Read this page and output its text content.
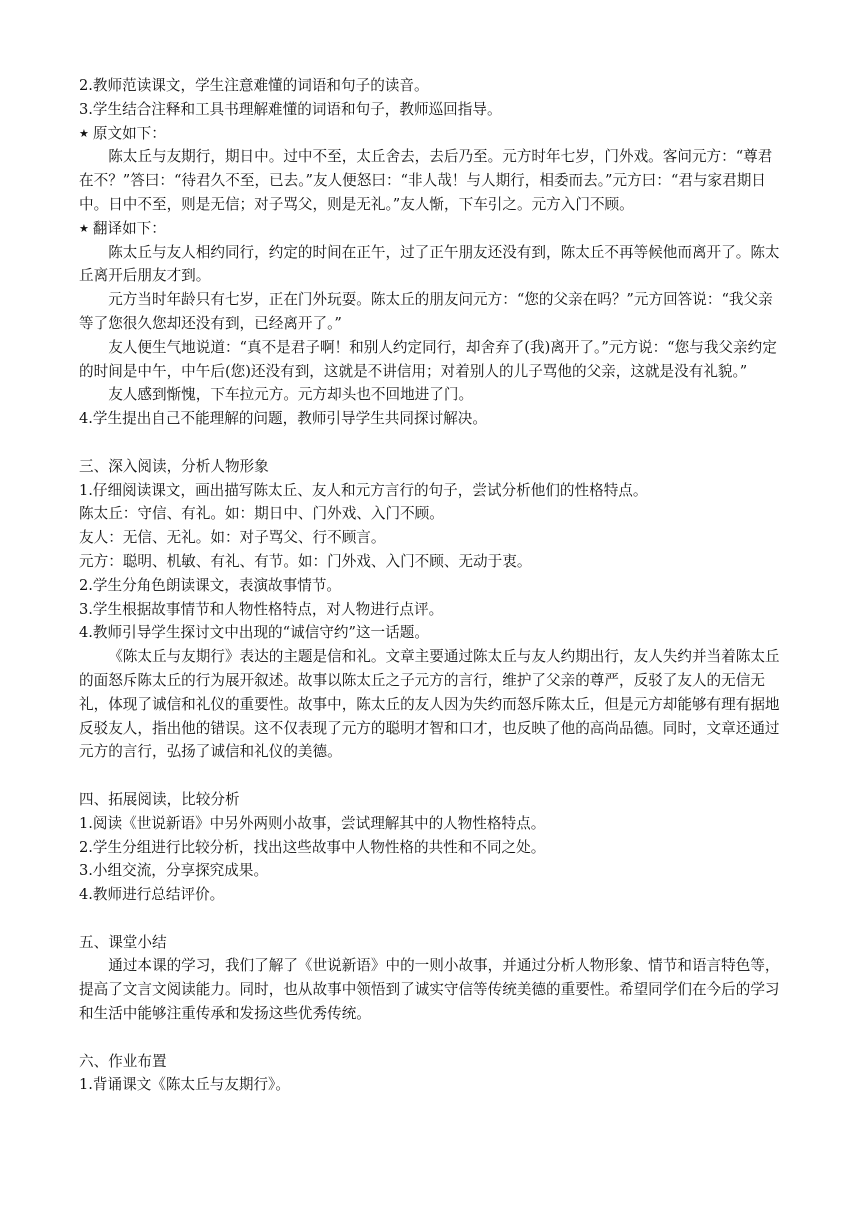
2.教师范读课文，学生注意难懂的词语和句子的读音。

3.学生结合注释和工具书理解难懂的词语和句子，教师巡回指导。

★ 原文如下：

陈太丘与友期行，期日中。过中不至，太丘舍去，去后乃至。元方时年七岁，门外戏。客问元方：“尊君在不？”答曰：“待君久不至，已去。”友人便怒曰：“非人哉！与人期行，相委而去。”元方曰：“君与家君期日中。日中不至，则是无信；对子骂父，则是无礼。”友人惭，下车引之。元方入门不顾。

★ 翻译如下：

陈太丘与友人相约同行，约定的时间在正午，过了正午朋友还没有到，陈太丘不再等候他而离开了。陈太丘离开后朋友才到。

元方当时年龄只有七岁，正在门外玩耍。陈太丘的朋友问元方：“您的父亲在吗？”元方回答说：“我父亲等了您很久您却还没有到，已经离开了。”

友人便生气地说道：“真不是君子啊！和别人约定同行，却舍弃了(我)离开了。”元方说：“您与我父亲约定的时间是中午，中午后(您)还没有到，这就是不讲信用；对着别人的儿子骂他的父亲，这就是没有礼貌。”

友人感到惭愧，下车拉元方。元方却头也不回地进了门。

4.学生提出自己不能理解的问题，教师引导学生共同探讨解决。

三、深入阅读，分析人物形象

1.仔细阅读课文，画出描写陈太丘、友人和元方言行的句子，尝试分析他们的性格特点。

陈太丘：守信、有礼。如：期日中、门外戏、入门不顾。

友人：无信、无礼。如：对子骂父、行不顾言。

元方：聪明、机敏、有礼、有节。如：门外戏、入门不顾、无动于衷。

2.学生分角色朗读课文，表演故事情节。

3.学生根据故事情节和人物性格特点，对人物进行点评。

4.教师引导学生探讨文中出现的“诚信守约”这一话题。

《陈太丘与友期行》表达的主题是信和礼。文章主要通过陈太丘与友人约期出行，友人失约并当着陈太丘的面怒斥陈太丘的行为展开叙述。故事以陈太丘之子元方的言行，维护了父亲的尊严，反驳了友人的无信无礼，体现了诚信和礼仪的重要性。故事中，陈太丘的友人因为失约而怒斥陈太丘，但是元方却能够有理有据地反驳友人，指出他的错误。这不仅表现了元方的聪明才智和口才，也反映了他的高尚品德。同时，文章还通过元方的言行，弘扬了诚信和礼仪的美德。

四、拓展阅读，比较分析

1.阅读《世说新语》中另外两则小故事，尝试理解其中的人物性格特点。

2.学生分组进行比较分析，找出这些故事中人物性格的共性和不同之处。

3.小组交流，分享探究成果。

4.教师进行总结评价。

五、课堂小结

通过本课的学习，我们了解了《世说新语》中的一则小故事，并通过分析人物形象、情节和语言特色等，提高了文言文阅读能力。同时，也从故事中领悟到了诚实守信等传统美德的重要性。希望同学们在今后的学习和生活中能够注重传承和发扬这些优秀传统。

六、作业布置

1.背诵课文《陈太丘与友期行》。
